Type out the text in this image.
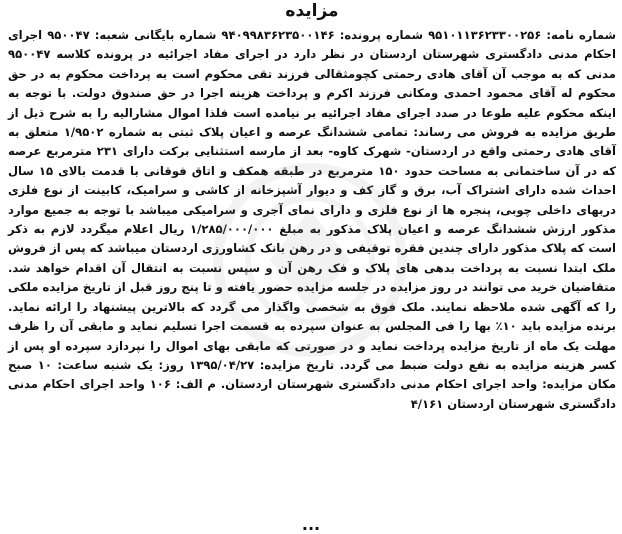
مزایده

شماره نامه: ۹۵۱۰۱۱۳۶۲۳۳۰۰۲۵۶ شماره پرونده: ۹۴۰۹۹۸۳۶۲۳۵۰۰۱۴۶ شماره بایگانی شعبه: ۹۵۰۰۴۷ اجرای احکام مدنی دادگستری شهرستان اردستان در نظر دارد در اجرای مفاد اجرائیه در پرونده کلاسه ۹۵۰۰۴۷ مدنی که به موجب آن آقای هادی رحمتی کچومثقالی فرزند تقی محکوم است به پرداخت محکوم به در حق محکوم له آقای محمود احمدی ومکانی فرزند اکرم و پرداخت هزینه اجرا در حق صندوق دولت. با توجه به اینکه محکوم علیه طوعا در صدد اجرای مفاد اجرائیه بر نیامده است فلذا اموال مشارالیه را به شرح ذیل از طریق مزایده به فروش می رساند: تمامی ششدانگ عرصه و اعیان پلاک ثبتی به شماره ۱/۹۵۰۲ متعلق به آقای هادی رحمتی واقع در اردستان- شهرک کاوه- بعد از مارسه استثنایی برکت دارای ۲۳۱ مترمربع عرصه که در آن ساختمانی به مساحت حدود ۱۵۰ مترمربع در طبقه همکف و اتاق فوقانی با قدمت بالای ۱۵ سال احداث شده دارای اشتراک آب، برق و گاز کف و دیوار آشپزخانه از کاشی و سرامیک، کابینت از نوع فلزی دربهای داخلی چوبی، پنجره ها از نوع فلزی و دارای نمای آجری و سرامیکی میباشد با توجه به جمیع موارد مذکور ارزش ششدانگ عرصه و اعیان پلاک مذکور به مبلغ ۱/۲۸۵/۰۰۰/۰۰۰ ریال اعلام میگردد لازم به ذکر است که پلاک مذکور دارای چندین فقره توقیفی و در رهن بانک کشاورزی اردستان میباشد که پس از فروش ملک ابتدا نسبت به پرداخت بدهی های پلاک و فک رهن آن و سپس نسبت به انتقال آن اقدام خواهد شد. متقاضیان خرید می توانند در روز مزایده در جلسه مزایده حضور یافته و تا پنج روز قبل از تاریخ مزایده ملکی را که آگهی شده ملاحظه نمایند. ملک فوق به شخصی واگذار می گردد که بالاترین پیشنهاد را ارائه نماید. برنده مزایده باید ۱۰٪ بها را فی المجلس به عنوان سپرده به قسمت اجرا تسلیم نماید و مابقی آن را ظرف مهلت یک ماه از تاریخ مزایده پرداخت نماید و در صورتی که مابقی بهای اموال را نپردازد سپرده او پس از کسر هزینه مزایده به نفع دولت ضبط می گردد. تاریخ مزایده: ۱۳۹۵/۰۴/۲۷ روز: یک شنبه ساعت: ۱۰ صبح مکان مزایده: واحد اجرای احکام مدنی دادگستری شهرستان اردستان. م الف: ۱۰۶ واحد اجرای احکام مدنی دادگستری شهرستان اردستان ۴/۱۶۱

...
